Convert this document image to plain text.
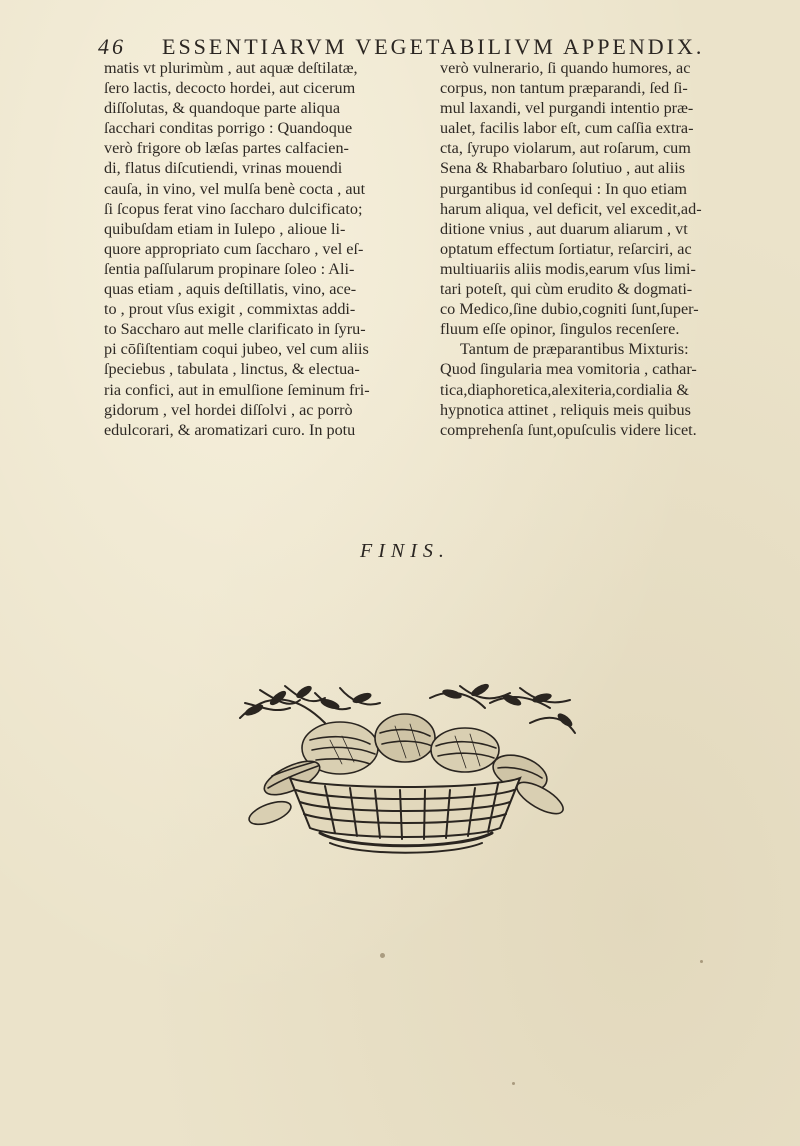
46 ESSENTIARVM VEGETABILIVM APPENDIX.
matis vt plurimùm , aut aquæ deſtilatæ,
ſero lactis, decocto hordei, aut cicerum
diſſolutas, & quandoque parte aliqua
ſacchari conditas porrigo : Quandoque
verò frigore ob læſas partes calfacien-
di, flatus diſcutiendi, vrinas mouendi
cauſa, in vino, vel mulſa benè cocta , aut
ſi ſcopus ferat vino ſaccharo dulcificato;
quibuſdam etiam in Iulepo , alioue li-
quore appropriato cum ſaccharo , vel eſ-
ſentia paſſularum propinare ſoleo : Ali-
quas etiam , aquis deſtillatis, vino, ace-
to , prout vſus exigit , commixtas addi-
to Saccharo aut melle clarificato in ſyru-
pi cōſiſtentiam coqui jubeo, vel cum aliis
ſpeciebus , tabulata , linctus, & electua-
ria confici, aut in emulſione ſeminum fri-
gidorum , vel hordei diſſolvi , ac porrò
edulcorari, & aromatizari curo. In potu
verò vulnerario, ſi quando humores, ac
corpus, non tantum præparandi, ſed ſi-
mul laxandi, vel purgandi intentio præ-
ualet, facilis labor eſt, cum caſſia extra-
cta, ſyrupo violarum, aut roſarum, cum
Sena & Rhabarbaro ſolutiuo , aut aliis
purgantibus id conſequi : In quo etiam
harum aliqua, vel deficit, vel excedit,ad-
ditione vnius , aut duarum aliarum , vt
optatum effectum ſortiatur, reſarciri, ac
multiuariis aliis modis,earum vſus limi-
tari poteſt, qui cùm erudito & dogmati-
co Medico,ſine dubio,cogniti ſunt,ſuper-
fluum eſſe opinor, ſingulos recenſere.
Tantum de præparantibus Mixturis:
Quod ſingularia mea vomitoria , cathar-
tica,diaphoretica,alexiteria,cordialia &
hypnotica attinet , reliquis meis quibus
comprehenſa ſunt,opuſculis videre licet.
FINIS.
